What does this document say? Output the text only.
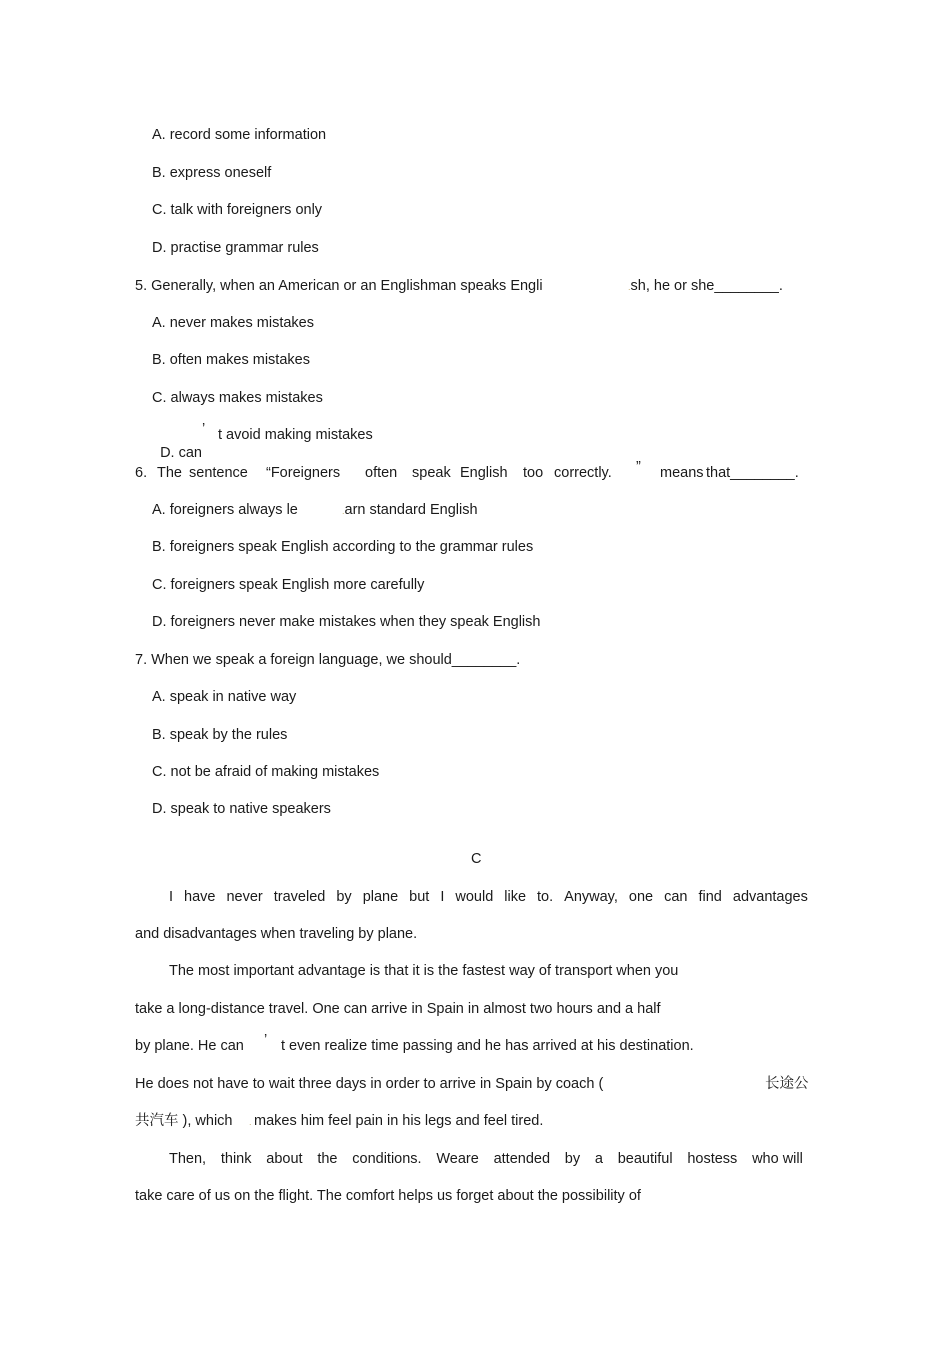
A. record some information
B. express oneself
C. talk with foreigners only
D. practise grammar rules
5. Generally, when an American or an Englishman speaks Engli	.sh, he or she________.
A. never makes mistakes
B. often makes mistakes
C. always makes mistakes

D. can

’ t avoid making mistakes
6. The sentence “Foreigners often speak English too correctly. ” means that________.
A. foreigners always le	.arn standard English
B. foreigners speak English according to the grammar rules
C. foreigners speak English more carefully
D. foreigners never make mistakes when they speak English
7. When we speak a foreign language, we should________.
A. speak in native way
B. speak by the rules
C. not be afraid of making mistakes
D. speak to native speakers
C
I have never traveled by plane but I would like to. Anyway, one can find advantages
and disadvantages when traveling by plane.
The most important advantage is that it is the fastest way of transport when you
take a long-distance travel. One can arrive in Spain in almost two hours and a half
by plane. He can ’ t even realize time passing and he has arrived at his destination.
He does not have to wait three days in order to arrive in Spain by coach (	长途公
共汽车 ), which . makes him feel pain in his legs and feel tired.
Then, think about the conditions. Weare attended by a beautiful hostess who will
take care of us on the flight. The comfort helps us forget about the possibility of
